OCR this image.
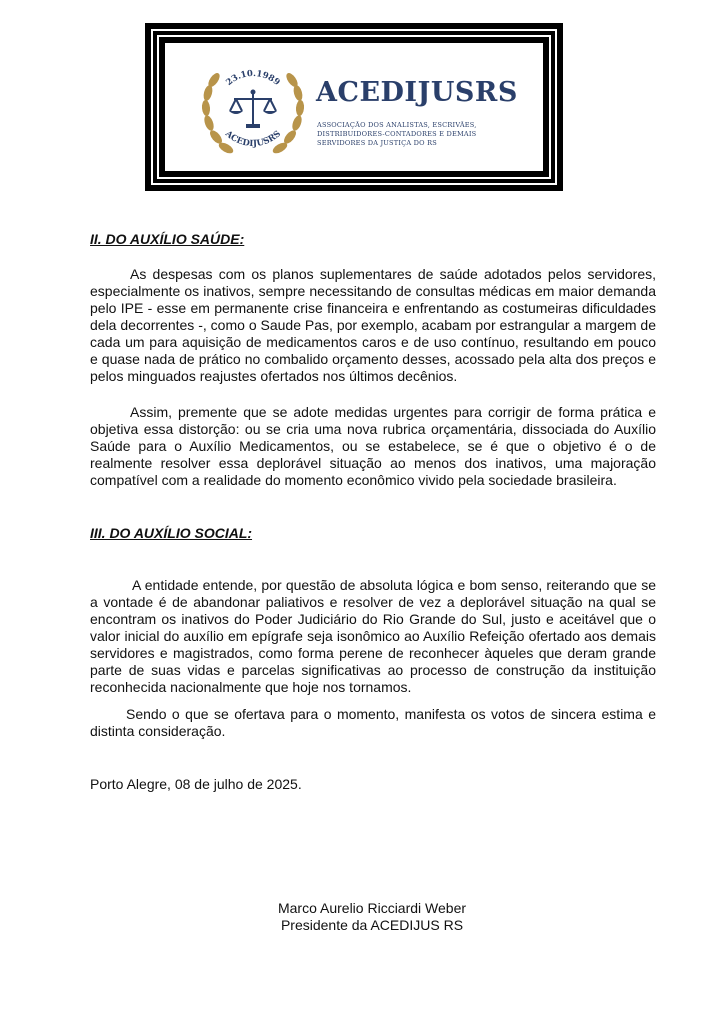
23.10.1989
ACEDIJUSRS
ACEDIJUSRS
ASSOCIAÇÃO DOS ANALISTAS, ESCRIVÃES,
DISTRIBUIDORES-CONTADORES E DEMAIS
SERVIDORES DA JUSTIÇA DO RS
II. DO AUXÍLIO SAÚDE:

As despesas com os planos suplementares de saúde adotados pelos servidores, especialmente os inativos, sempre necessitando de consultas médicas em maior demanda pelo IPE - esse em permanente crise financeira e enfrentando as costumeiras dificuldades dela decorrentes -, como o Saude Pas, por exemplo, acabam por estrangular a margem de cada um para aquisição de medicamentos caros e de uso contínuo, resultando em pouco e quase nada de prático no combalido orçamento desses, acossado pela alta dos preços e pelos minguados reajustes ofertados nos últimos decênios.

Assim, premente que se adote medidas urgentes para corrigir de forma prática e objetiva essa distorção: ou se cria uma nova rubrica orçamentária, dissociada do Auxílio Saúde para o Auxílio Medicamentos, ou se estabelece, se é que o objetivo é o de realmente resolver essa deplorável situação ao menos dos inativos, uma majoração compatível com a realidade do momento econômico vivido pela sociedade brasileira.

III. DO AUXÍLIO SOCIAL:

A entidade entende, por questão de absoluta lógica e bom senso, reiterando que se a vontade é de abandonar paliativos e resolver de vez a deplorável situação na qual se encontram os inativos do Poder Judiciário do Rio Grande do Sul, justo e aceitável que o valor inicial do auxílio em epígrafe seja isonômico ao Auxílio Refeição ofertado aos demais servidores e magistrados, como forma perene de reconhecer àqueles que deram grande parte de suas vidas e parcelas significativas ao processo de construção da instituição reconhecida nacionalmente que hoje nos tornamos.

Sendo o que se ofertava para o momento, manifesta os votos de sincera estima e distinta consideração.

Porto Alegre, 08 de julho de 2025.
Marco Aurelio Ricciardi Weber
Presidente da ACEDIJUS RS
